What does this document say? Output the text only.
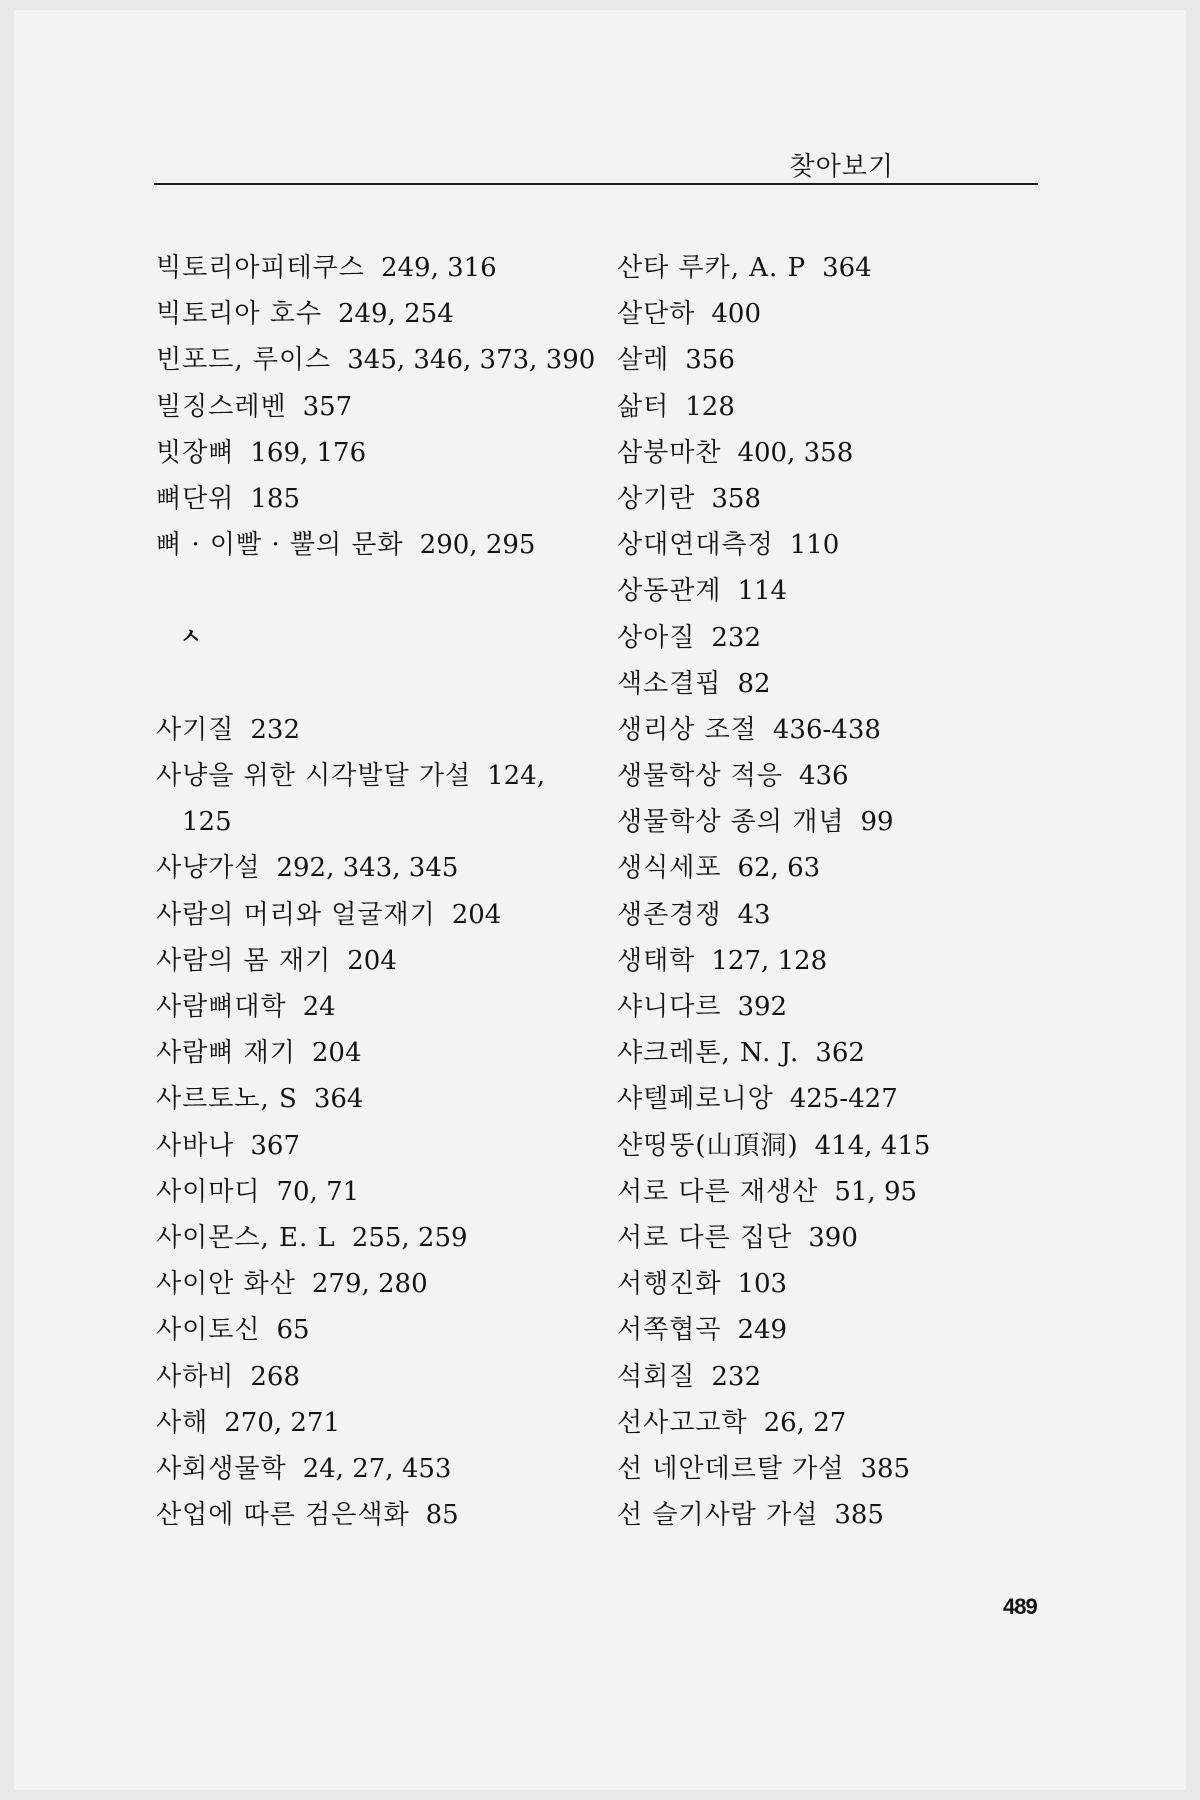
찾아보기
빅토리아피테쿠스 249, 316
빅토리아 호수 249, 254
빈포드, 루이스 345, 346, 373, 390
빌징스레벤 357
빗장뼈 169, 176
뼈단위 185
뼈 · 이빨 · 뿔의 문화 290, 295
ㅅ
사기질 232
사냥을 위한 시각발달 가설 124,
125
사냥가설 292, 343, 345
사람의 머리와 얼굴재기 204
사람의 몸 재기 204
사람뼈대학 24
사람뼈 재기 204
사르토노, S 364
사바나 367
사이마디 70, 71
사이몬스, E. L 255, 259
사이안 화산 279, 280
사이토신 65
사하비 268
사해 270, 271
사회생물학 24, 27, 453
산업에 따른 검은색화 85
산타 루카, A. P 364
살단하 400
살레 356
삶터 128
삼붕마찬 400, 358
상기란 358
상대연대측정 110
상동관계 114
상아질 232
색소결핍 82
생리상 조절 436-438
생물학상 적응 436
생물학상 종의 개념 99
생식세포 62, 63
생존경쟁 43
생태학 127, 128
샤니다르 392
샤크레톤, N. J. 362
샤텔페로니앙 425-427
샨띵뚱(山頂洞) 414, 415
서로 다른 재생산 51, 95
서로 다른 집단 390
서행진화 103
서쪽협곡 249
석회질 232
선사고고학 26, 27
선 네안데르탈 가설 385
선 슬기사람 가설 385
489
